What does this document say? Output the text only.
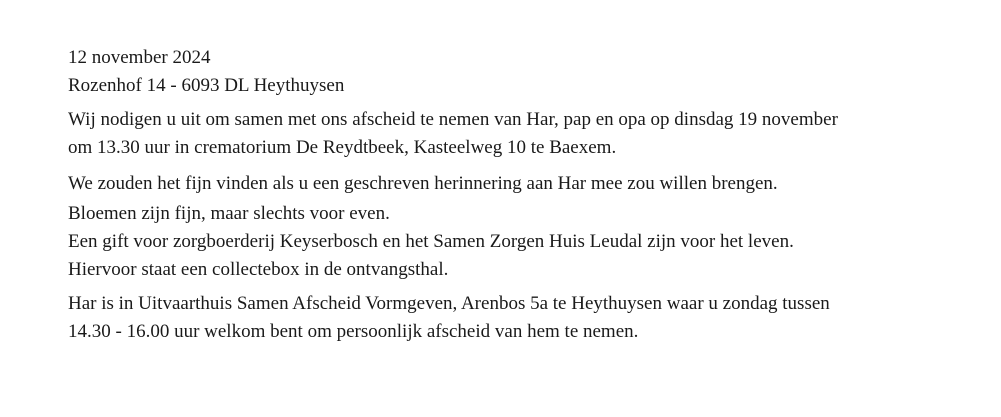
12 november 2024
Rozenhof 14 - 6093 DL Heythuysen
Wij nodigen u uit om samen met ons afscheid te nemen van Har, pap en opa op dinsdag 19 november
om 13.30 uur in crematorium De Reydtbeek, Kasteelweg 10 te Baexem.
We zouden het fijn vinden als u een geschreven herinnering aan Har mee zou willen brengen.
Bloemen zijn fijn, maar slechts voor even.
Een gift voor zorgboerderij Keyserbosch en het Samen Zorgen Huis Leudal zijn voor het leven.
Hiervoor staat een collectebox in de ontvangsthal.
Har is in Uitvaarthuis Samen Afscheid Vormgeven, Arenbos 5a te Heythuysen waar u zondag tussen
14.30 - 16.00 uur welkom bent om persoonlijk afscheid van hem te nemen.
